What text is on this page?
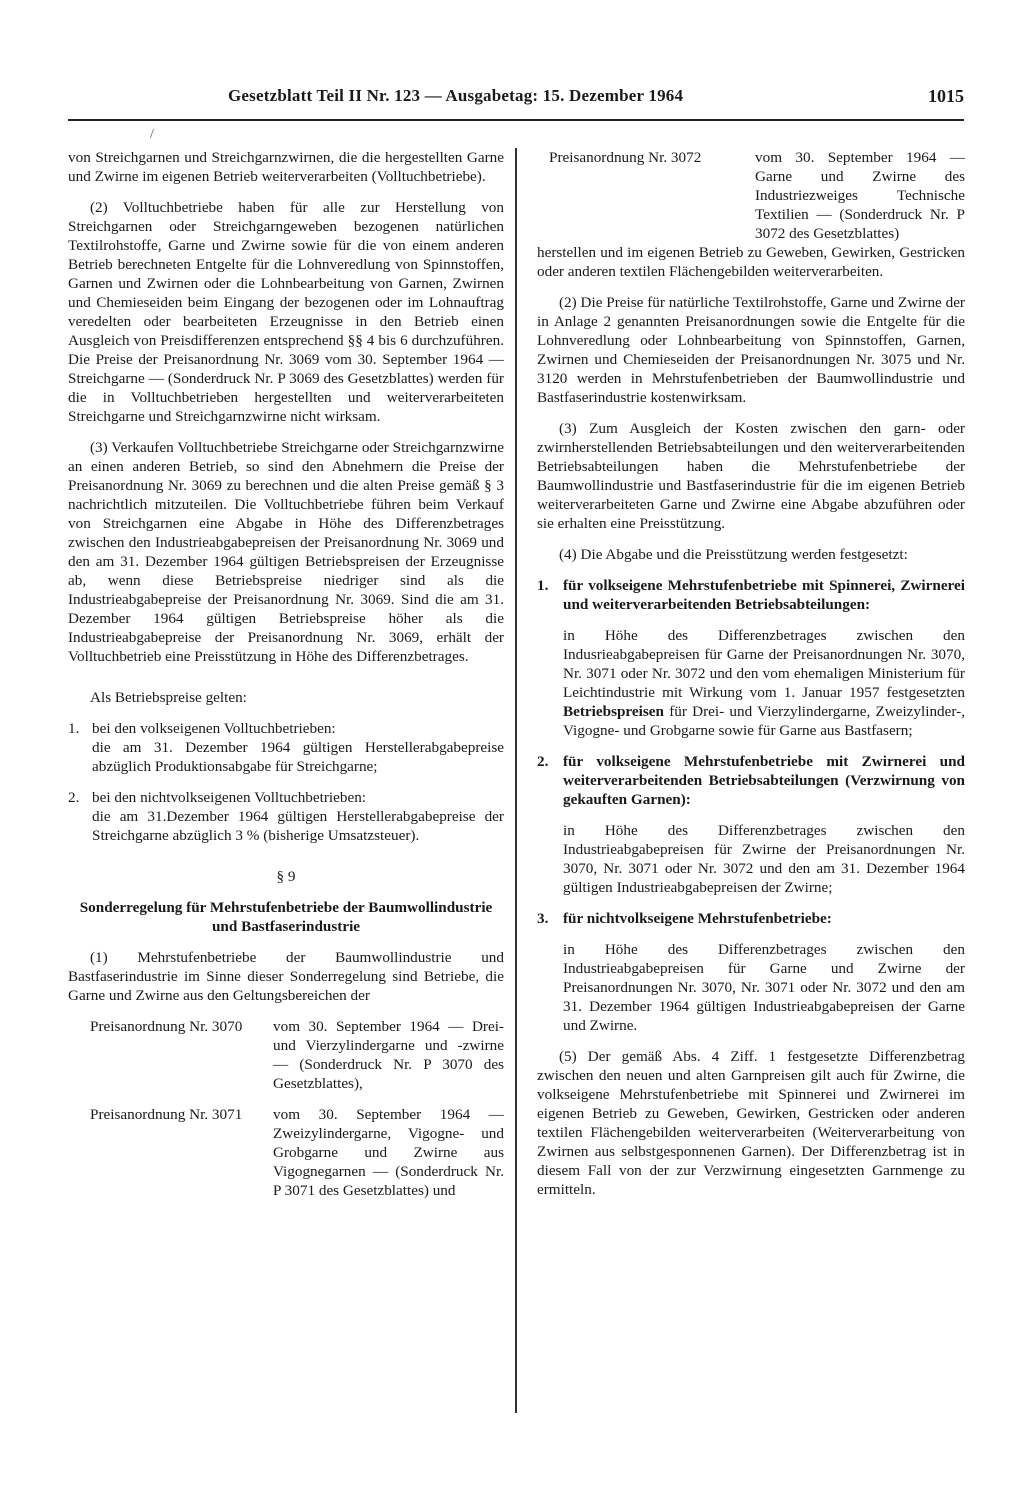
Gesetzblatt Teil II Nr. 123 — Ausgabetag: 15. Dezember 1964	1015
/

von Streichgarnen und Streichgarnzwirnen, die die hergestellten Garne und Zwirne im eigenen Betrieb weiterverarbeiten (Volltuchbetriebe).

(2) Volltuchbetriebe haben für alle zur Herstellung von Streichgarnen oder Streichgarngeweben bezogenen natürlichen Textilrohstoffe, Garne und Zwirne sowie für die von einem anderen Betrieb berechneten Entgelte für die Lohnveredlung von Spinnstoffen, Garnen und Zwirnen oder die Lohnbearbeitung von Garnen, Zwirnen und Chemieseiden beim Eingang der bezogenen oder im Lohnauftrag veredelten oder bearbeiteten Erzeugnisse in den Betrieb einen Ausgleich von Preisdifferenzen entsprechend §§ 4 bis 6 durchzuführen. Die Preise der Preisanordnung Nr. 3069 vom 30. September 1964 — Streichgarne — (Sonderdruck Nr. P 3069 des Gesetzblattes) werden für die in Volltuchbetrieben hergestellten und weiterverarbeiteten Streichgarne und Streichgarnzwirne nicht wirksam.

(3) Verkaufen Volltuchbetriebe Streichgarne oder Streichgarnzwirne an einen anderen Betrieb, so sind den Abnehmern die Preise der Preisanordnung Nr. 3069 zu berechnen und die alten Preise gemäß § 3 nachrichtlich mitzuteilen. Die Volltuchbetriebe führen beim Verkauf von Streichgarnen eine Abgabe in Höhe des Differenzbetrages zwischen den Industrieabgabepreisen der Preisanordnung Nr. 3069 und den am 31. Dezember 1964 gültigen Betriebspreisen der Erzeugnisse ab, wenn diese Betriebspreise niedriger sind als die Industrieabgabepreise der Preisanordnung Nr. 3069. Sind die am 31. Dezember 1964 gültigen Betriebspreise höher als die Industrieabgabepreise der Preisanordnung Nr. 3069, erhält der Volltuchbetrieb eine Preisstützung in Höhe des Differenzbetrages.

Als Betriebspreise gelten:

1. bei den volkseigenen Volltuchbetrieben:

die am 31. Dezember 1964 gültigen Herstellerabgabepreise abzüglich Produktionsabgabe für Streichgarne;

2. bei den nichtvolkseigenen Volltuchbetrieben:

die am 31.Dezember 1964 gültigen Herstellerabgabepreise der Streichgarne abzüglich 3 % (bisherige Umsatzsteuer).

§ 9

Sonderregelung für Mehrstufenbetriebe der Baumwollindustrie und Bastfaserindustrie

(1) Mehrstufenbetriebe der Baumwollindustrie und Bastfaserindustrie im Sinne dieser Sonderregelung sind Betriebe, die Garne und Zwirne aus den Geltungsbereichen der

Preisanordnung Nr. 3070	vom 30. September 1964 — Drei- und Vierzylindergarne und -zwirne — (Sonderdruck Nr. P 3070 des Gesetzblattes),
Preisanordnung Nr. 3071	vom 30. September 1964 — Zweizylindergarne, Vigogne- und Grobgarne und Zwirne aus Vigognegarnen — (Sonderdruck Nr. P 3071 des Gesetzblattes) und
Preisanordnung Nr. 3072	vom 30. September 1964 — Garne und Zwirne des Industriezweiges Technische Textilien — (Sonderdruck Nr. P 3072 des Gesetzblattes)

herstellen und im eigenen Betrieb zu Geweben, Gewirken, Gestricken oder anderen textilen Flächengebilden weiterverarbeiten.

(2) Die Preise für natürliche Textilrohstoffe, Garne und Zwirne der in Anlage 2 genannten Preisanordnungen sowie die Entgelte für die Lohnveredlung oder Lohnbearbeitung von Spinnstoffen, Garnen, Zwirnen und Chemieseiden der Preisanordnungen Nr. 3075 und Nr. 3120 werden in Mehrstufenbetrieben der Baumwollindustrie und Bastfaserindustrie kostenwirksam.

(3) Zum Ausgleich der Kosten zwischen den garn- oder zwirnherstellenden Betriebsabteilungen und den weiterverarbeitenden Betriebsabteilungen haben die Mehrstufenbetriebe der Baumwollindustrie und Bastfaserindustrie für die im eigenen Betrieb weiterverarbeiteten Garne und Zwirne eine Abgabe abzuführen oder sie erhalten eine Preisstützung.

(4) Die Abgabe und die Preisstützung werden festgesetzt:

1. für volkseigene Mehrstufenbetriebe mit Spinnerei, Zwirnerei und weiterverarbeitenden Betriebsabteilungen:

in Höhe des Differenzbetrages zwischen den Indusrieabgabepreisen für Garne der Preisanordnungen Nr. 3070, Nr. 3071 oder Nr. 3072 und den vom ehemaligen Ministerium für Leichtindustrie mit Wirkung vom 1. Januar 1957 festgesetzten Betriebspreisen für Drei- und Vierzylindergarne, Zweizylinder-, Vigogne- und Grobgarne sowie für Garne aus Bastfasern;

2. für volkseigene Mehrstufenbetriebe mit Zwirnerei und weiterverarbeitenden Betriebsabteilungen (Verzwirnung von gekauften Garnen):

in Höhe des Differenzbetrages zwischen den Industrieabgabepreisen für Zwirne der Preisanordnungen Nr. 3070, Nr. 3071 oder Nr. 3072 und den am 31. Dezember 1964 gültigen Industrieabgabepreisen der Zwirne;

3. für nichtvolkseigene Mehrstufenbetriebe:

in Höhe des Differenzbetrages zwischen den Industrieabgabepreisen für Garne und Zwirne der Preisanordnungen Nr. 3070, Nr. 3071 oder Nr. 3072 und den am 31. Dezember 1964 gültigen Industrieabgabepreisen der Garne und Zwirne.

(5) Der gemäß Abs. 4 Ziff. 1 festgesetzte Differenzbetrag zwischen den neuen und alten Garnpreisen gilt auch für Zwirne, die volkseigene Mehrstufenbetriebe mit Spinnerei und Zwirnerei im eigenen Betrieb zu Geweben, Gewirken, Gestricken oder anderen textilen Flächengebilden weiterverarbeiten (Weiterverarbeitung von Zwirnen aus selbstgesponnenen Garnen). Der Differenzbetrag ist in diesem Fall von der zur Verzwirnung eingesetzten Garnmenge zu ermitteln.
